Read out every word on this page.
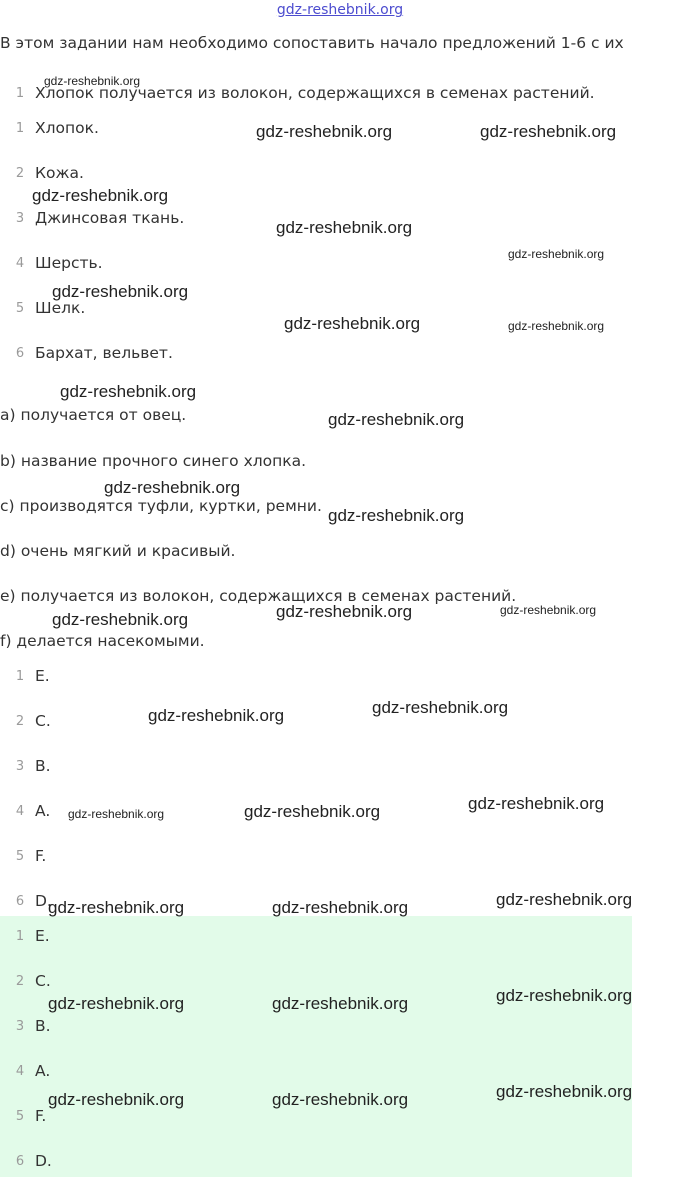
gdz-reshebnik.org
В этом задании нам необходимо сопоставить начало предложений 1-6 с их
1 Хлопок получается из волокон, содержащихся в семенах растений.
1 Хлопок.
2 Кожа.
3 Джинсовая ткань.
4 Шерсть.
5 Шелк.
6 Бархат, вельвет.
a) получается от овец.
b) название прочного синего хлопка.
c) производятся туфли, куртки, ремни.
d) очень мягкий и красивый.
e) получается из волокон, содержащихся в семенах растений.
f) делается насекомыми.
1 E.
2 C.
3 B.
4 A.
5 F.
6 D.
1 E.
2 C.
3 B.
4 A.
5 F.
6 D.
gdz-reshebnik.org
gdz-reshebnik.org	gdz-reshebnik.org
gdz-reshebnik.org
gdz-reshebnik.org
gdz-reshebnik.org
gdz-reshebnik.org
gdz-reshebnik.org	gdz-reshebnik.org
gdz-reshebnik.org
gdz-reshebnik.org
gdz-reshebnik.org
gdz-reshebnik.org
gdz-reshebnik.org	gdz-reshebnik.org
gdz-reshebnik.org
gdz-reshebnik.org
gdz-reshebnik.org
gdz-reshebnik.org
gdz-reshebnik.org
gdz-reshebnik.org
gdz-reshebnik.org
gdz-reshebnik.org	gdz-reshebnik.org
gdz-reshebnik.org
gdz-reshebnik.org	gdz-reshebnik.org
gdz-reshebnik.org
gdz-reshebnik.org	gdz-reshebnik.org
